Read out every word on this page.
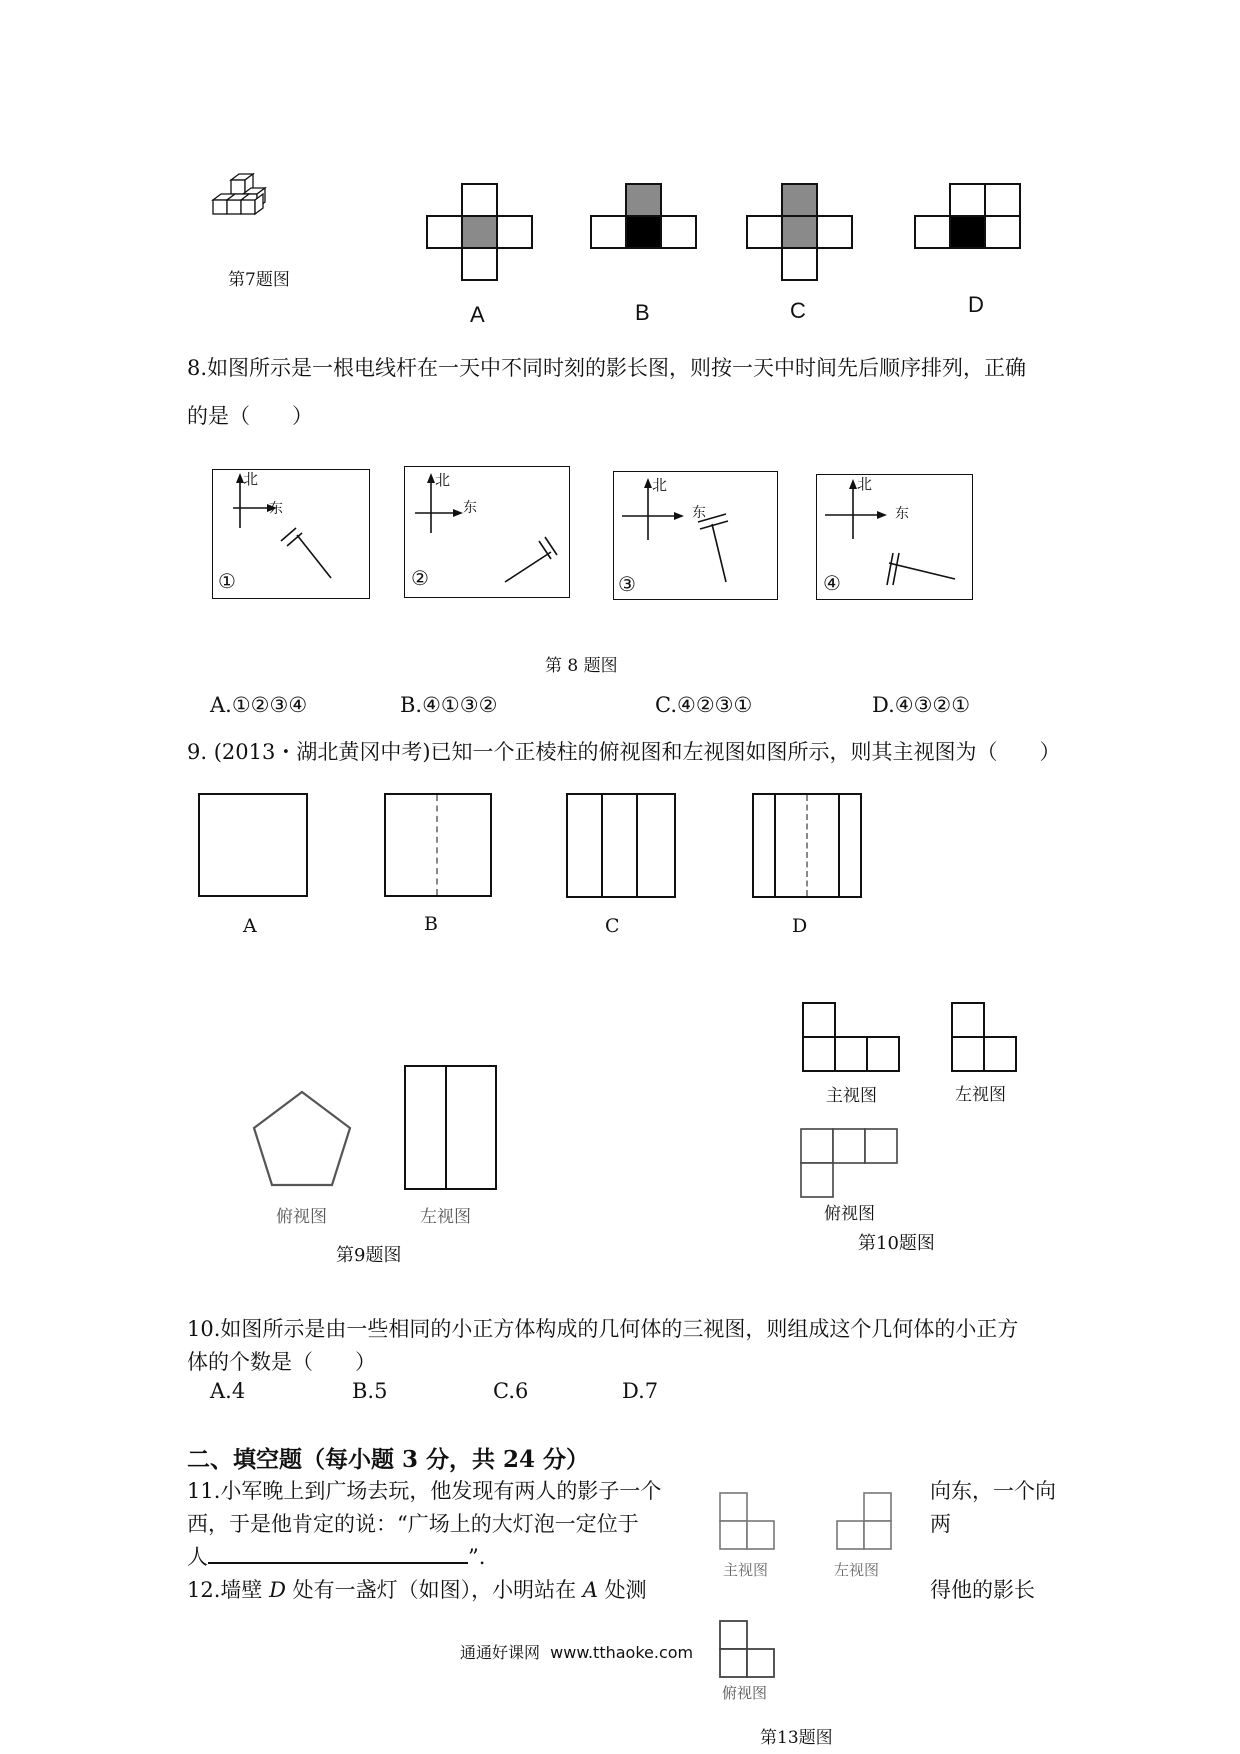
第7题图
A	B	C	D
8.如图所示是一根电线杆在一天中不同时刻的影长图，则按一天中时间先后顺序排列，正确
的是（　　）
北
东
①
北
东
②
北
东
③
北
东
④
第 8 题图
A.①②③④	B.④①③②	C.④②③①	D.④③②①
9. (2013・湖北黄冈中考)已知一个正棱柱的俯视图和左视图如图所示，则其主视图为（　　）
A	B	C	D
俯视图	左视图
第9题图
主视图	左视图
俯视图
第10题图
10.如图所示是由一些相同的小正方体构成的几何体的三视图，则组成这个几何体的小正方
体的个数是（　　）
A.4	B.5	C.6	D.7
二、填空题（每小题 3 分，共 24 分）
11.小军晚上到广场去玩，他发现有两人的影子一个	向东，一个向
西，于是他肯定的说：“广场上的大灯泡一定位于	两
人	”.
12.墙壁 D 处有一盏灯（如图），小明站在 A 处测	得他的影长
主视图	左视图
俯视图
第13题图
通通好课网  www.tthaoke.com
